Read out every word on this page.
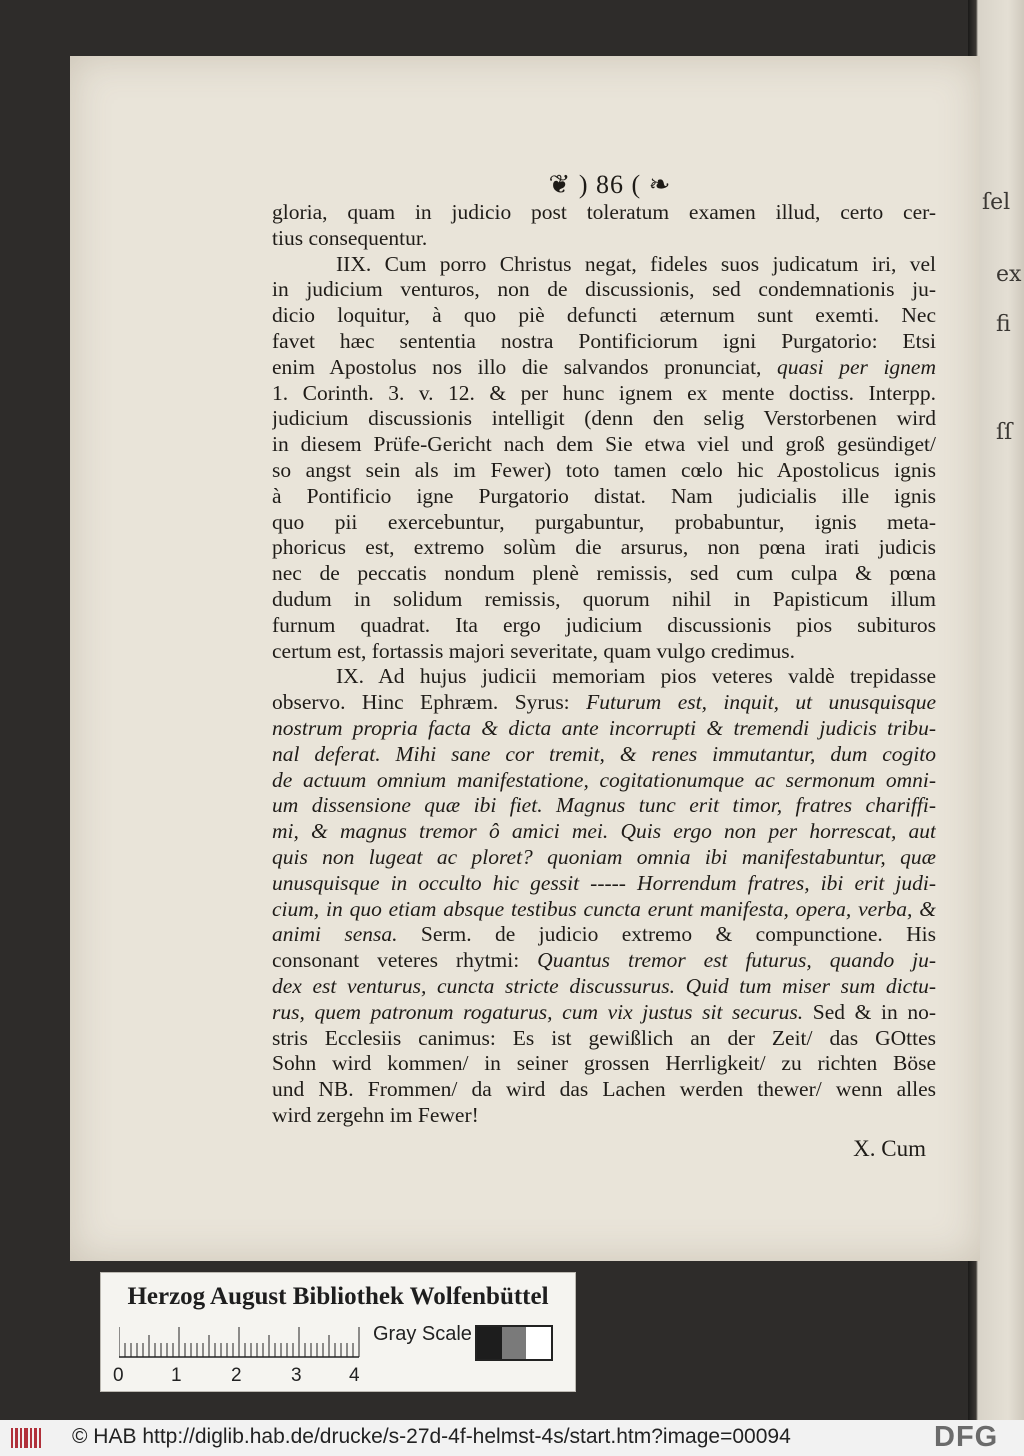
ſel
ex
fi
ſſ
❦ ) 86 ( ❧
gloria, quam in judicio post toleratum examen illud, certo cer-
tius consequentur.
IIX. Cum porro Christus negat, fideles suos judicatum iri, vel
in judicium venturos, non de discussionis, sed condemnationis ju-
dicio loquitur, à quo piè defuncti æternum sunt exemti. Nec
favet hæc sententia nostra Pontificiorum igni Purgatorio: Etsi
enim Apostolus nos illo die salvandos pronunciat, quasi per ignem
1. Corinth. 3. v. 12. & per hunc ignem ex mente doctiss. Interpp.
judicium discussionis intelligit (denn den selig Verstorbenen wird
in diesem Prüfe-Gericht nach dem Sie etwa viel und groß gesündiget/
so angst sein als im Fewer) toto tamen cœlo hic Apostolicus ignis
à Pontificio igne Purgatorio distat. Nam judicialis ille ignis
quo pii exercebuntur, purgabuntur, probabuntur, ignis meta-
phoricus est, extremo solùm die arsurus, non pœna irati judicis
nec de peccatis nondum plenè remissis, sed cum culpa & pœna
dudum in solidum remissis, quorum nihil in Papisticum illum
furnum quadrat. Ita ergo judicium discussionis pios subituros
certum est, fortassis majori severitate, quam vulgo credimus.
IX. Ad hujus judicii memoriam pios veteres valdè trepidasse
observo. Hinc Ephræm. Syrus: Futurum est, inquit, ut unusquisque
nostrum propria facta & dicta ante incorrupti & tremendi judicis tribu-
nal deferat. Mihi sane cor tremit, & renes immutantur, dum cogito
de actuum omnium manifestatione, cogitationumque ac sermonum omni-
um dissensione quæ ibi fiet. Magnus tunc erit timor, fratres chariffi-
mi, & magnus tremor ô amici mei. Quis ergo non per horrescat, aut
quis non lugeat ac ploret? quoniam omnia ibi manifestabuntur, quæ
unusquisque in occulto hic gessit ----- Horrendum fratres, ibi erit judi-
cium, in quo etiam absque testibus cuncta erunt manifesta, opera, verba, &
animi sensa. Serm. de judicio extremo & compunctione. His
consonant veteres rhytmi: Quantus tremor est futurus, quando ju-
dex est venturus, cuncta stricte discussurus. Quid tum miser sum dictu-
rus, quem patronum rogaturus, cum vix justus sit securus. Sed & in no-
stris Ecclesiis canimus: Es ist gewißlich an der Zeit/ das GOttes
Sohn wird kommen/ in seiner grossen Herrligkeit/ zu richten Böse
und NB. Frommen/ da wird das Lachen werden thewer/ wenn alles
wird zergehn im Fewer!
X. Cum
Herzog August Bibliothek Wolfenbüttel
Gray Scale
0 1	2	3 4
© HAB http://diglib.hab.de/drucke/s-27d-4f-helmst-4s/start.htm?image=00094	DFG
